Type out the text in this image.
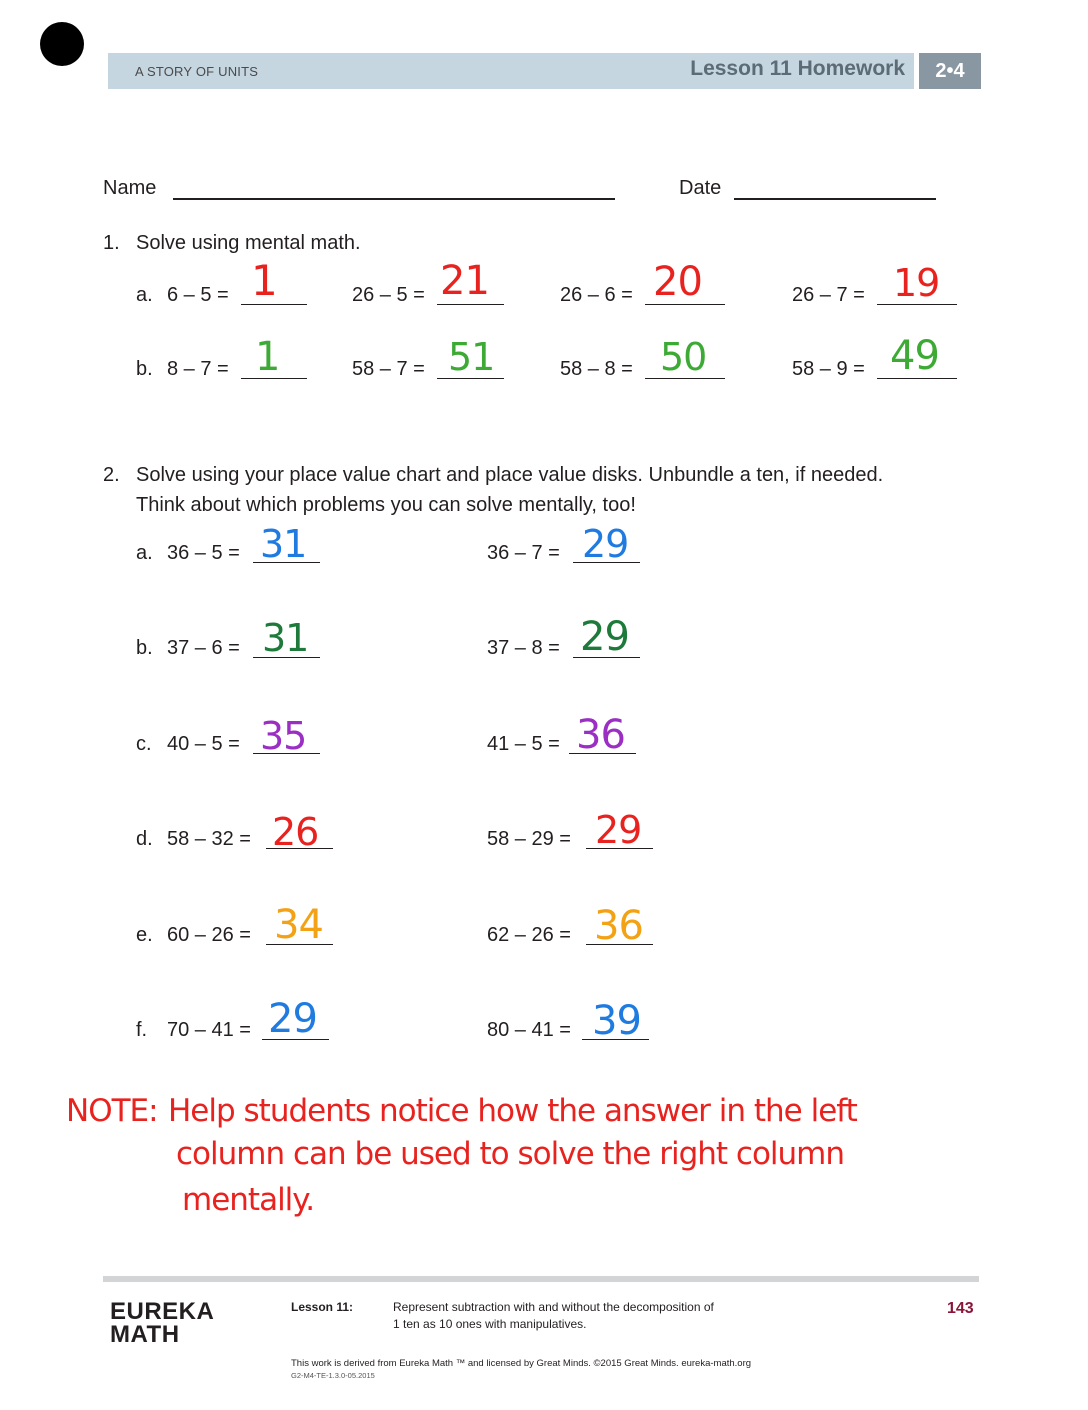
A STORY OF UNITS	Lesson 11 Homework	2•4
Name	Date
1. Solve using mental math.
a. 6 – 5 = 1	26 – 5 = 21	26 – 6 = 20	26 – 7 = 19
b. 8 – 7 = 1	58 – 7 = 51	58 – 8 = 50	58 – 9 = 49
2. Solve using your place value chart and place value disks. Unbundle a ten, if needed.
Think about which problems you can solve mentally, too!
a. 36 – 5 = 31	36 – 7 = 29
b. 37 – 6 = 31	37 – 8 = 29
c. 40 – 5 = 35	41 – 5 = 36
d. 58 – 32 = 26	58 – 29 = 29
e. 60 – 26 = 34	62 – 26 = 36
f. 70 – 41 = 29	80 – 41 = 39
NOTE: Help students notice how the answer in the left
column can be used to solve the right column
mentally.
EUREKA
MATH
Lesson 11:	Represent subtraction with and without the decomposition of
1 ten as 10 ones with manipulatives.
143
This work is derived from Eureka Math ™ and licensed by Great Minds. ©2015 Great Minds. eureka-math.org
G2-M4-TE-1.3.0-05.2015
